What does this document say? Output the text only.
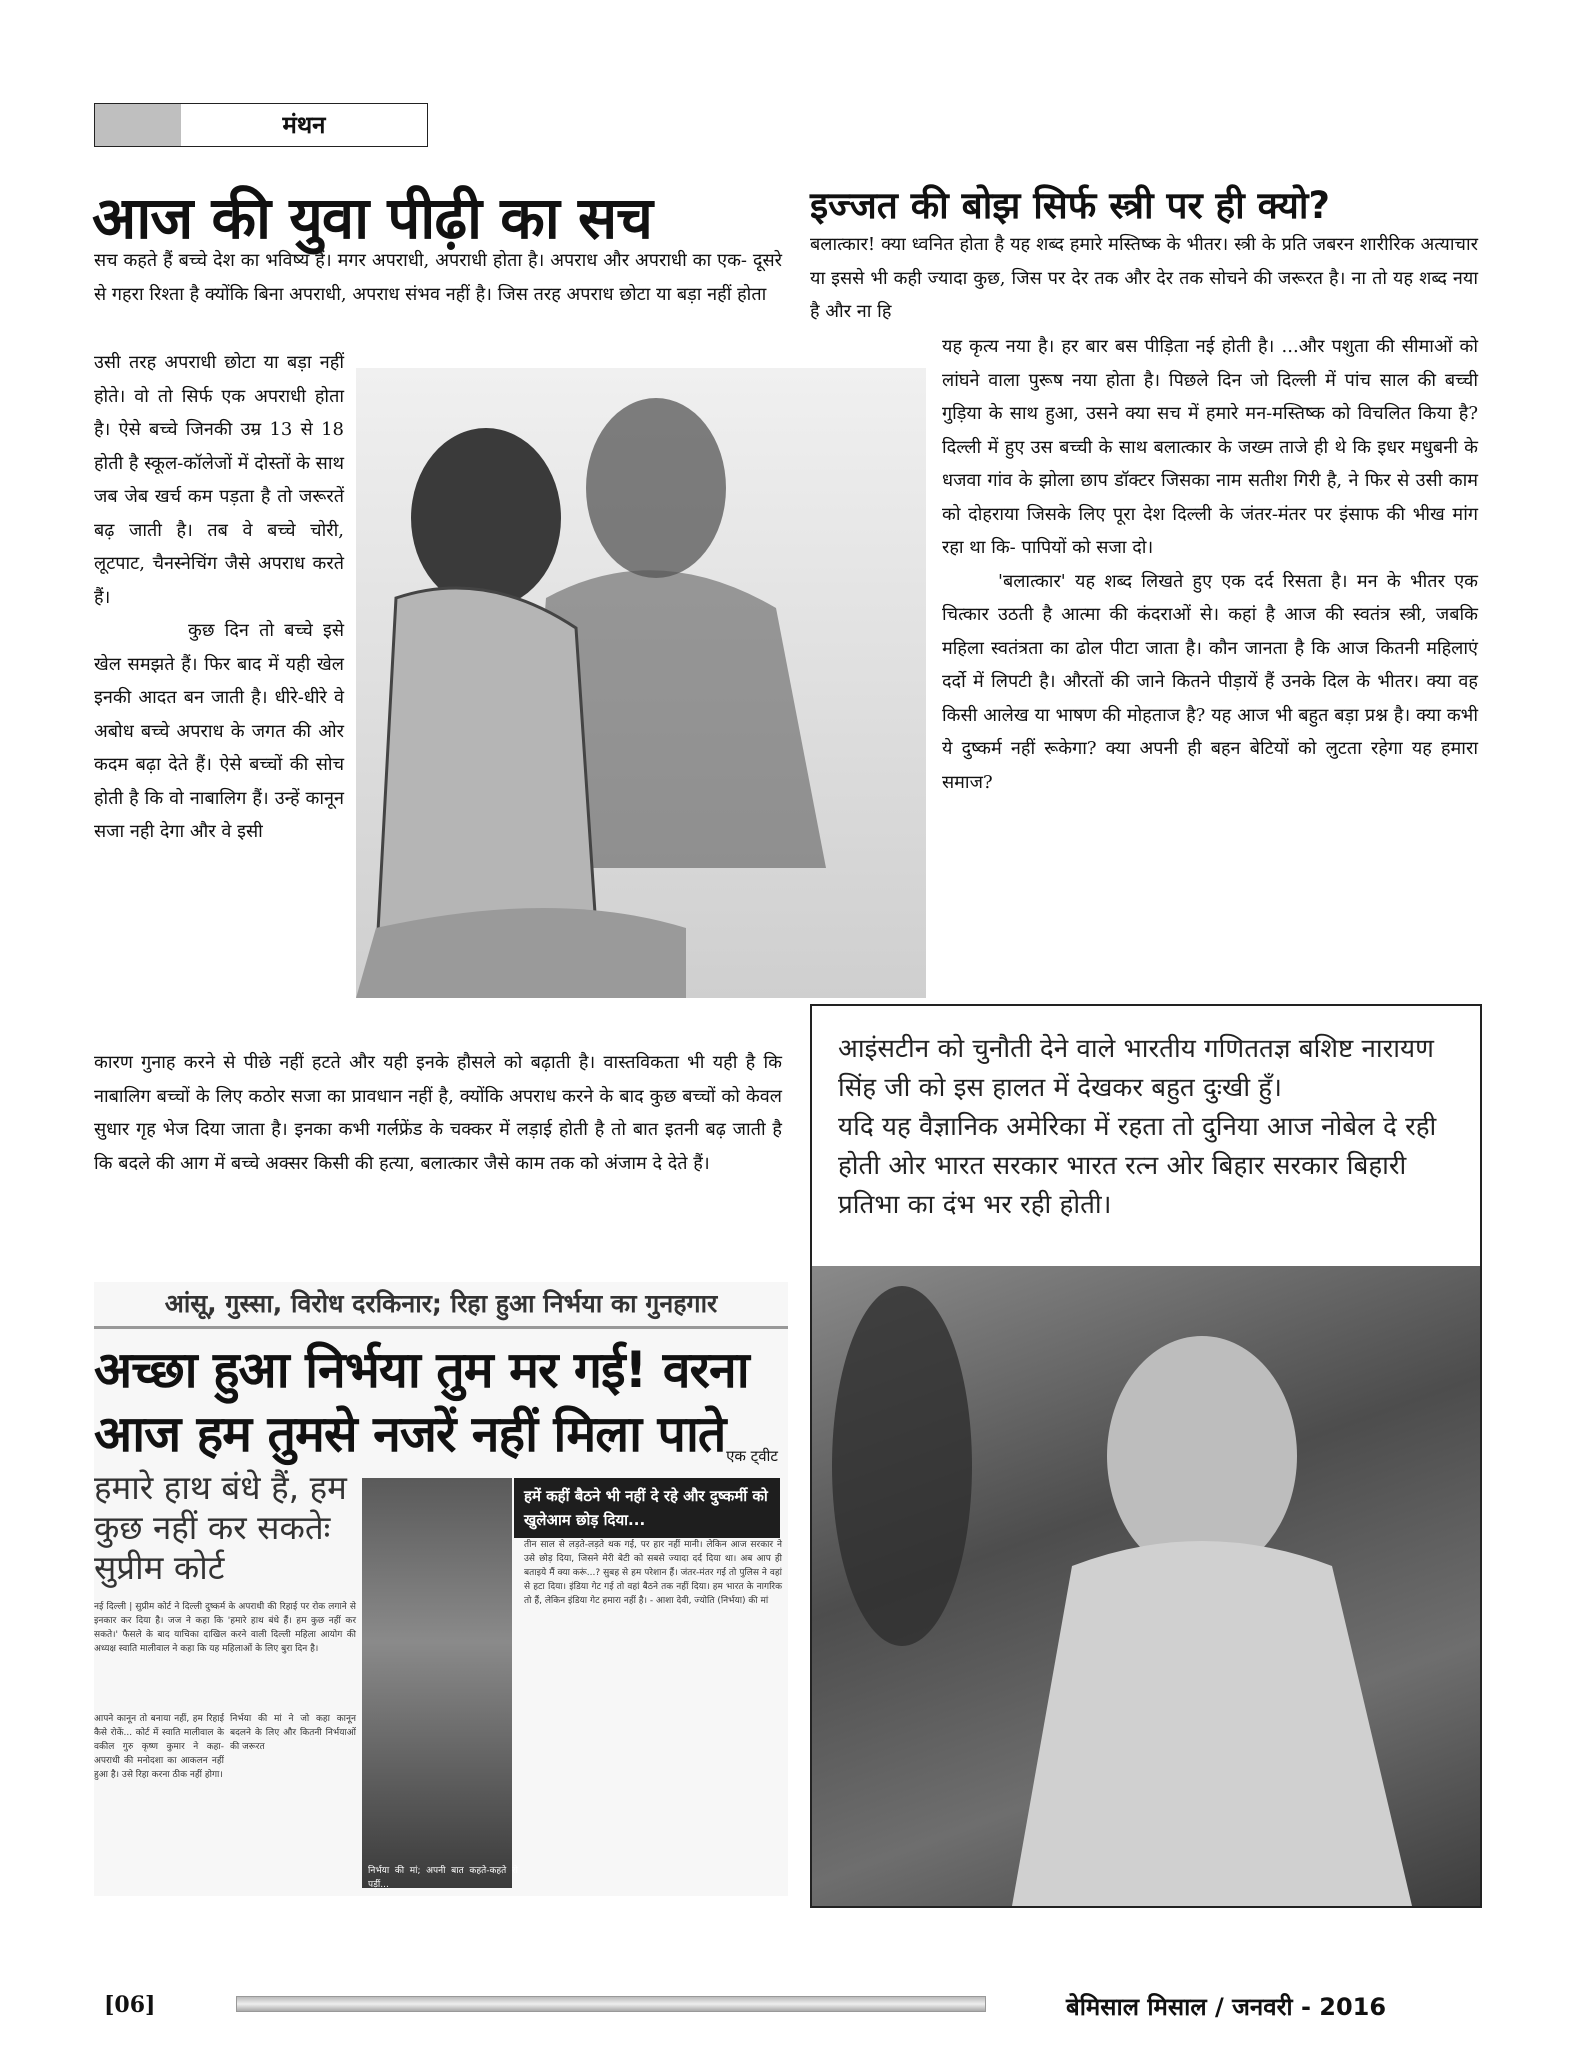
मंथन
आज की युवा पीढ़ी का सच

सच कहते हैं बच्चे देश का भविष्य हैं। मगर अपराधी, अपराधी होता है। अपराध और अपराधी का एक- दूसरे से गहरा रिश्ता है क्योंकि बिना अपराधी, अपराध संभव नहीं है। जिस तरह अपराध छोटा या बड़ा नहीं होता

उसी तरह अपराधी छोटा या बड़ा नहीं होते। वो तो सिर्फ एक अपराधी होता है। ऐसे बच्चे जिनकी उम्र 13 से 18 होती है स्कूल-कॉलेजों में दोस्तों के साथ जब जेब खर्च कम पड़ता है तो जरूरतें बढ़ जाती है। तब वे बच्चे चोरी, लूटपाट, चैनस्नेचिंग जैसे अपराध करते हैं।

कुछ दिन तो बच्चे इसे खेल समझते हैं। फिर बाद में यही खेल इनकी आदत बन जाती है। धीरे-धीरे वे अबोध बच्चे अपराध के जगत की ओर कदम बढ़ा देते हैं। ऐसे बच्चों की सोच होती है कि वो नाबालिग हैं। उन्हें कानून सजा नही देगा और वे इसी

कारण गुनाह करने से पीछे नहीं हटते और यही इनके हौसले को बढ़ाती है। वास्तविकता भी यही है कि नाबालिग बच्चों के लिए कठोर सजा का प्रावधान नहीं है, क्योंकि अपराध करने के बाद कुछ बच्चों को केवल सुधार गृह भेज दिया जाता है। इनका कभी गर्लफ्रेंड के चक्कर में लड़ाई होती है तो बात इतनी बढ़ जाती है कि बदले की आग में बच्चे अक्सर किसी की हत्या, बलात्कार जैसे काम तक को अंजाम दे देते हैं।

इज्जत की बोझ सिर्फ स्त्री पर ही क्यो?

बलात्कार! क्या ध्वनित होता है यह शब्द हमारे मस्तिष्क के भीतर। स्त्री के प्रति जबरन शारीरिक अत्याचार या इससे भी कही ज्यादा कुछ, जिस पर देर तक और देर तक सोचने की जरूरत है। ना तो यह शब्द नया है और ना हि

यह कृत्य नया है। हर बार बस पीड़िता नई होती है। ...और पशुता की सीमाओं को लांघने वाला पुरूष नया होता है। पिछले दिन जो दिल्ली में पांच साल की बच्ची गुड़िया के साथ हुआ, उसने क्या सच में हमारे मन-मस्तिष्क को विचलित किया है? दिल्ली में हुए उस बच्ची के साथ बलात्कार के जख्म ताजे ही थे कि इधर मधुबनी के धजवा गांव के झोला छाप डॉक्टर जिसका नाम सतीश गिरी है, ने फिर से उसी काम को दोहराया जिसके लिए पूरा देश दिल्ली के जंतर-मंतर पर इंसाफ की भीख मांग रहा था कि- पापियों को सजा दो।

'बलात्कार' यह शब्द लिखते हुए एक दर्द रिसता है। मन के भीतर एक चित्कार उठती है आत्मा की कंदराओं से। कहां है आज की स्वतंत्र स्त्री, जबकि महिला स्वतंत्रता का ढोल पीटा जाता है। कौन जानता है कि आज कितनी महिलाएं दर्दो में लिपटी है। औरतों की जाने कितने पीड़ायें हैं उनके दिल के भीतर। क्या वह किसी आलेख या भाषण की मोहताज है? यह आज भी बहुत बड़ा प्रश्न है। क्या कभी ये दुष्कर्म नहीं रूकेगा? क्या अपनी ही बहन बेटियों को लुटता रहेगा यह हमारा समाज?

आइंसटीन को चुनौती देने वाले भारतीय गणिततज्ञ बशिष्ट नारायण सिंह जी को इस हालत में देखकर बहुत दुःखी हुँ।
यदि यह वैज्ञानिक अमेरिका में रहता तो दुनिया आज नोबेल दे रही होती ओर भारत सरकार भारत रत्न ओर बिहार सरकार बिहारी प्रतिभा का दंभ भर रही होती।
आंसू, गुस्सा, विरोध दरकिनार; रिहा हुआ निर्भया का गुनहगार
अच्छा हुआ निर्भया तुम मर गई! वरना
आज हम तुमसे नजरें नहीं मिला पाते एक ट्वीट
हमारे हाथ बंधे हैं, हम कुछ नहीं कर सकतेः सुप्रीम कोर्ट
हमें कहीं बैठने भी नहीं दे रहे और दुष्कर्मी को खुलेआम छोड़ दिया...
नई दिल्ली | सुप्रीम कोर्ट ने दिल्ली दुष्कर्म के अपराधी की रिहाई पर रोक लगाने से इनकार कर दिया है। जज ने कहा कि 'हमारे हाथ बंधे हैं। हम कुछ नहीं कर सकते।' फैसले के बाद याचिका दाखिल करने वाली दिल्ली महिला आयोग की अध्यक्ष स्वाति मालीवाल ने कहा कि यह महिलाओं के लिए बुरा दिन है।
आपने कानून तो बनाया नहीं, हम रिहाई कैसे रोकें... कोर्ट में स्वाति मालीवाल के वकील गुरु कृष्ण कुमार ने कहा- अपराधी की मनोदशा का आकलन नहीं हुआ है। उसे रिहा करना ठीक नहीं होगा।
निर्भया की मां ने जो कहा कानून बदलने के लिए और कितनी निर्भयाओं की जरूरत
तीन साल से लड़ते-लड़ते थक गई, पर हार नहीं मानी। लेकिन आज सरकार ने उसे छोड़ दिया, जिसने मेरी बेटी को सबसे ज्यादा दर्द दिया था। अब आप ही बताइये मैं क्या करूं...? सुबह से हम परेशान हैं। जंतर-मंतर गई तो पुलिस ने वहां से हटा दिया। इंडिया गेट गई तो वहां बैठने तक नहीं दिया। हम भारत के नागरिक तो हैं, लेकिन इंडिया गेट हमारा नहीं है। - आशा देवी, ज्योति (निर्भया) की मां
निर्भया की मां; अपनी बात कहते-कहते रो पड़ीं...
[06]	बेमिसाल मिसाल / जनवरी - 2016
